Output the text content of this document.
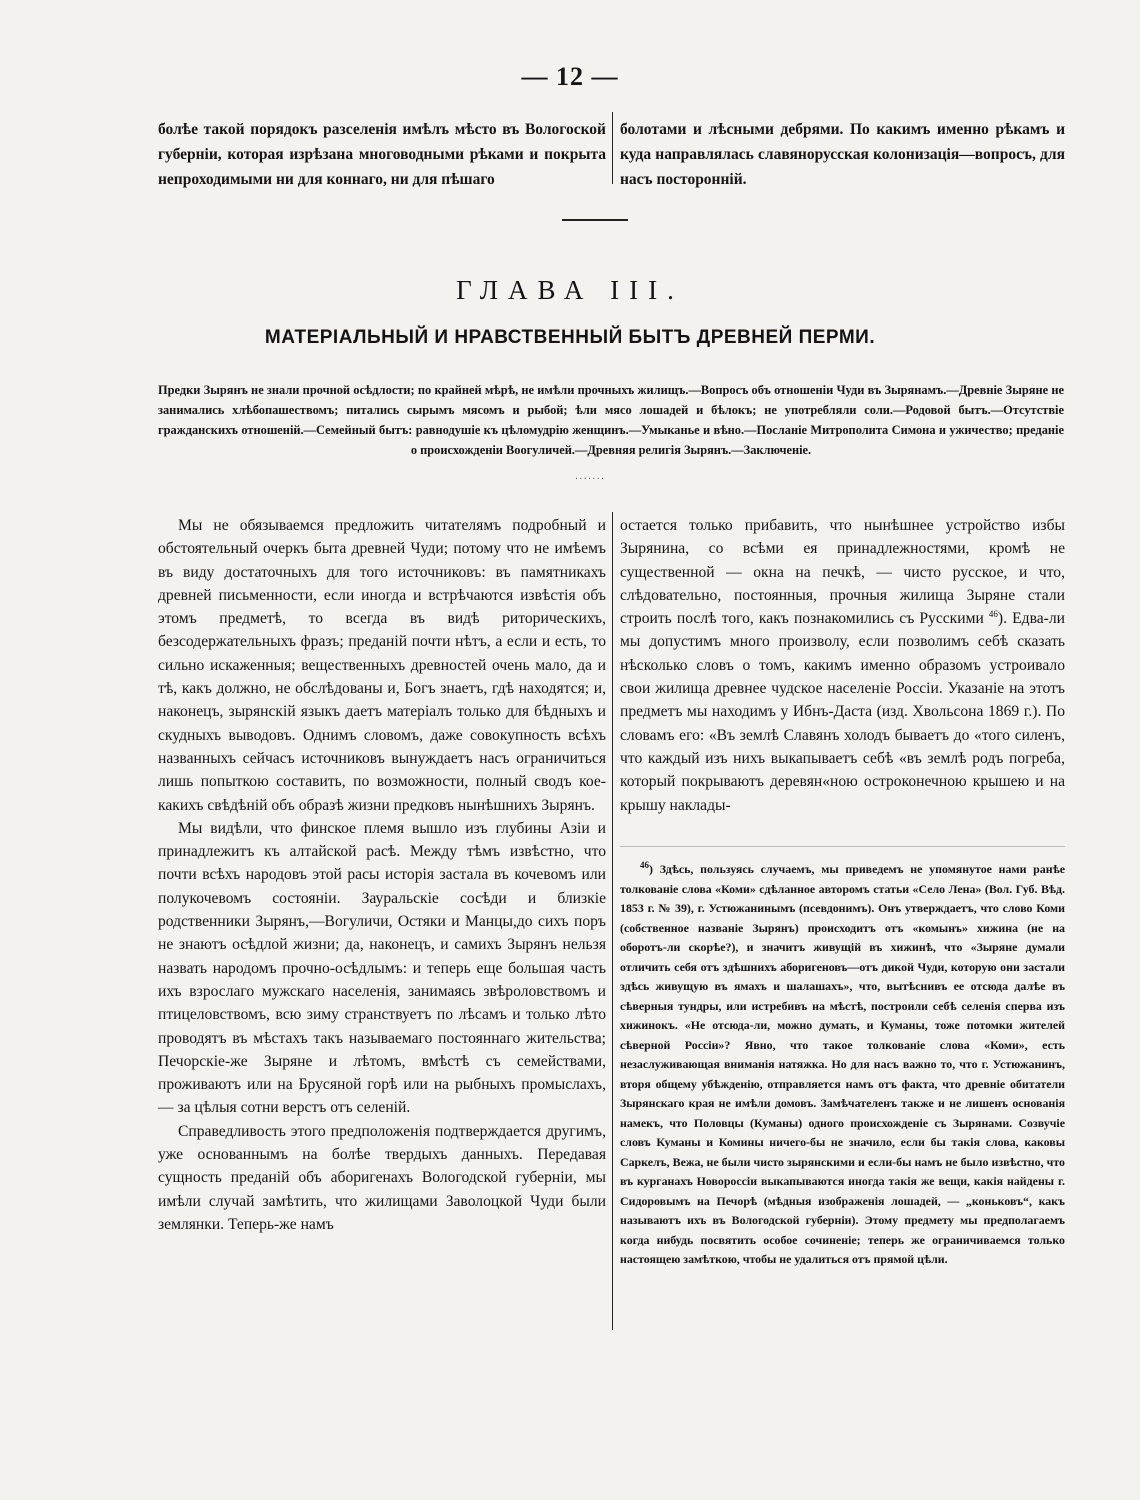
— 12 —
болѣе такой порядокъ разселенія имѣлъ мѣсто въ Вологоской губерніи, которая изрѣзана многоводными рѣками и покрыта непроходимыми ни для коннаго, ни для пѣшаго
болотами и лѣсными дебрями. По какимъ именно рѣкамъ и куда направлялась славянорусская колонизація—вопросъ, для насъ посторонній.
ГЛАВА III.
МАТЕРІАЛЬНЫЙ И НРАВСТВЕННЫЙ БЫТЪ ДРЕВНЕЙ ПЕРМИ.
Предки Зырянъ не знали прочной осѣдлости; по крайней мѣрѣ, не имѣли прочныхъ жилищъ.—Вопросъ объ отношеніи Чуди въ Зырянамъ.—Древніе Зыряне не занимались хлѣбопашествомъ; питались сырымъ мясомъ и рыбой; ѣли мясо лошадей и бѣлокъ; не употребляли соли.—Родовой бытъ.—Отсутствіе гражданскихъ отношеній.—Семейный бытъ: равнодушіе къ цѣломудрію женщинъ.—Умыканье и вѣно.—Посланіе Митрополита Симона и ужичество; преданіе о происхожденіи Воогуличей.—Древняя религія Зырянъ.—Заключеніе.
·······

Мы не обязываемся предложить читателямъ подробный и обстоятельный очеркъ быта древней Чуди; потому что не имѣемъ въ виду достаточныхъ для того источниковъ: въ памятникахъ древней письменности, если иногда и встрѣчаются извѣстія объ этомъ предметѣ, то всегда въ видѣ риторическихъ, безсодержательныхъ фразъ; преданій почти нѣтъ, а если и есть, то сильно искаженныя; вещественныхъ древностей очень мало, да и тѣ, какъ должно, не обслѣдованы и, Богъ знаетъ, гдѣ находятся; и, наконецъ, зырянскій языкъ даетъ матеріалъ только для бѣдныхъ и скудныхъ выводовъ. Однимъ словомъ, даже совокупность всѣхъ названныхъ сейчасъ источниковъ вынуждаетъ насъ ограничиться лишь попыткою составить, по возможности, полный сводъ кое-какихъ свѣдѣній объ образѣ жизни предковъ нынѣшнихъ Зырянъ.

Мы видѣли, что финское племя вышло изъ глубины Азіи и принадлежитъ къ алтайской расѣ. Между тѣмъ извѣстно, что почти всѣхъ народовъ этой расы исторія застала въ кочевомъ или полукочевомъ состояніи. Зауральскіе сосѣди и близкіе родственники Зырянъ,—Вогуличи, Остяки и Манцы,до сихъ поръ не знаютъ осѣдлой жизни; да, наконецъ, и самихъ Зырянъ нельзя назвать народомъ прочно-осѣдлымъ: и теперь еще большая часть ихъ взрослаго мужскаго населенія, занимаясь звѣроловствомъ и птицеловствомъ, всю зиму странствуетъ по лѣсамъ и только лѣто проводятъ въ мѣстахъ такъ называемаго постояннаго жительства; Печорскіе-же Зыряне и лѣтомъ, вмѣстѣ съ семействами, проживаютъ или на Брусяной горѣ или на рыбныхъ промыслахъ, — за цѣлыя сотни верстъ отъ селеній.

Справедливость этого предположенія подтверждается другимъ, уже основаннымъ на болѣе твердыхъ данныхъ. Передавая сущность преданій объ аборигенахъ Вологодской губерніи, мы имѣли случай замѣтить, что жилищами Заволоцкой Чуди были землянки. Теперь-же намъ

остается только прибавить, что нынѣшнее устройство избы Зырянина, со всѣми ея принадлежностями, кромѣ не существенной — окна на печкѣ, — чисто русское, и что, слѣдовательно, постоянныя, прочныя жилища Зыряне стали строить послѣ того, какъ познакомились съ Русскими $^{46}$). Едва-ли мы допустимъ много произволу, если позволимъ себѣ сказать нѣсколько словъ о томъ, какимъ именно образомъ устроивало свои жилища древнее чудское населеніе Россіи. Указаніе на этотъ предметъ мы находимъ у Ибнъ-Даста (изд. Хвольсона 1869 г.). По словамъ его: «Въ землѣ Славянъ холодъ бываетъ до «того силенъ, что каждый изъ нихъ выкапываетъ себѣ «въ землѣ родъ погреба, который покрываютъ деревян«ною остроконечною крышею и на крышу наклады-

$^{46}$) Здѣсь, пользуясь случаемъ, мы приведемъ не упомянутое нами ранѣе толкованіе слова «Коми» сдѣланное авторомъ статьи «Село Лена» (Вол. Губ. Вѣд. 1853 г. № 39), г. Устюжанинымъ (псевдонимъ). Онъ утверждаетъ, что слово Коми (собственное названіе Зырянъ) происходитъ отъ «комынъ» хижина (не на оборотъ-ли скорѣе?), и значитъ живущій въ хижинѣ, что «Зыряне думали отличить себя отъ здѣшнихъ аборигеновъ—отъ дикой Чуди, которую они застали здѣсь живущую въ ямахъ и шалашахъ», что, вытѣснивъ ее отсюда далѣе въ сѣверныя тундры, или истребивъ на мѣстѣ, построили себѣ селенія сперва изъ хижинокъ. «Не отсюда-ли, можно думать, и Куманы, тоже потомки жителей сѣверной Россіи»? Явно, что такое толкованіе слова «Коми», есть незаслуживающая вниманія натяжка. Но для насъ важно то, что г. Устюжанинъ, вторя общему убѣжденію, отправляется намъ отъ факта, что древніе обитатели Зырянскаго края не имѣли домовъ. Замѣчателенъ также и не лишенъ основанія намекъ, что Половцы (Куманы) одного происхожденіе съ Зырянами. Созвучіе словъ Куманы и Комины ничего-бы не значило, если бы такія слова, каковы Саркелъ, Вежа, не были чисто зырянскими и если-бы намъ не было извѣстно, что въ курганахъ Новороссіи выкапываются иногда такія же вещи, какія найдены г. Сидоровымъ на Печорѣ (мѣдныя изображенія лошадей, — „коньковъ“, какъ называютъ ихъ въ Вологодской губерніи). Этому предмету мы предполагаемъ когда нибудь посвятить особое сочиненіе; теперь же ограничиваемся только настоящею замѣткою, чтобы не удалиться отъ прямой цѣли.
